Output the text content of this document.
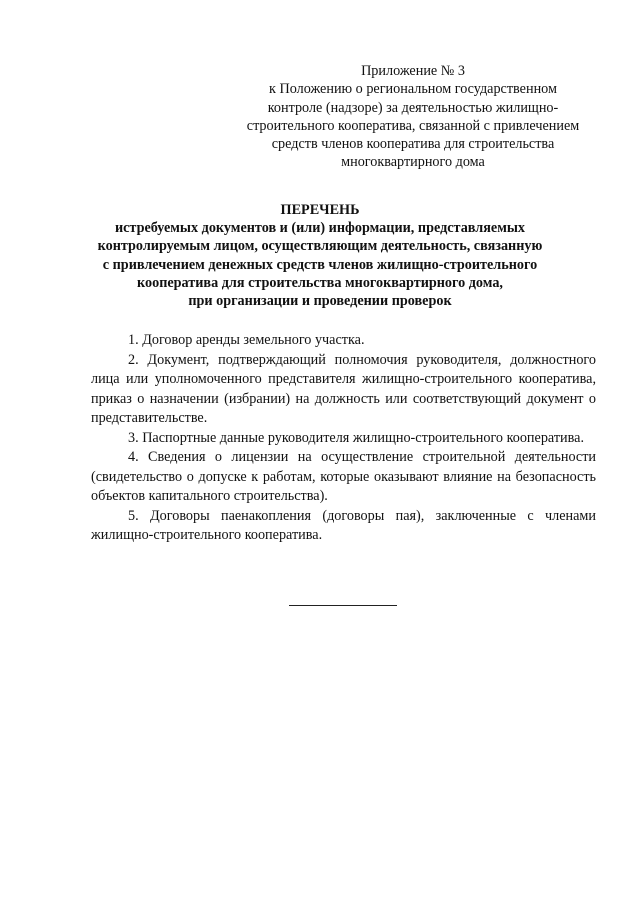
Приложение № 3
к Положению о региональном государственном
контроле (надзоре) за деятельностью жилищно-
строительного кооператива, связанной с привлечением
средств членов кооператива для строительства
многоквартирного дома
ПЕРЕЧЕНЬ
истребуемых документов и (или) информации, представляемых
контролируемым лицом, осуществляющим деятельность, связанную
с привлечением денежных средств членов жилищно-строительного
кооператива для строительства многоквартирного дома,
при организации и проведении проверок

1. Договор аренды земельного участка.

2. Документ, подтверждающий полномочия руководителя, должностного лица или уполномоченного представителя жилищно-строительного кооператива, приказ о назначении (избрании) на должность или соответствующий документ о представительстве.

3. Паспортные данные руководителя жилищно-строительного кооператива.

4. Сведения о лицензии на осуществление строительной деятельности (свидетельство о допуске к работам, которые оказывают влияние на безопасность объектов капитального строительства).

5. Договоры паенакопления (договоры пая), заключенные с членами жилищно-строительного кооператива.
